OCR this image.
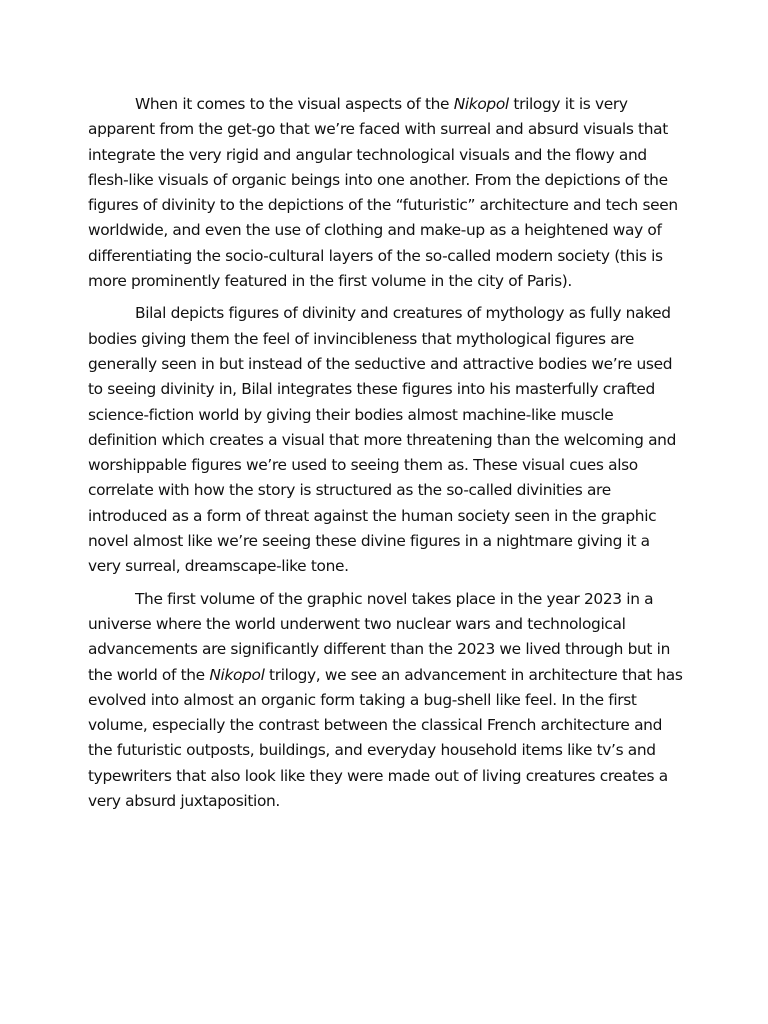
When it comes to the visual aspects of the Nikopol trilogy it is very apparent from the get-go that we’re faced with surreal and absurd visuals that integrate the very rigid and angular technological visuals and the flowy and flesh-like visuals of organic beings into one another. From the depictions of the figures of divinity to the depictions of the “futuristic” architecture and tech seen worldwide, and even the use of clothing and make-up as a heightened way of differentiating the socio-cultural layers of the so-called modern society (this is more prominently featured in the first volume in the city of Paris).

Bilal depicts figures of divinity and creatures of mythology as fully naked bodies giving them the feel of invincibleness that mythological figures are generally seen in but instead of the seductive and attractive bodies we’re used to seeing divinity in, Bilal integrates these figures into his masterfully crafted science-fiction world by giving their bodies almost machine-like muscle definition which creates a visual that more threatening than the welcoming and worshippable figures we’re used to seeing them as. These visual cues also correlate with how the story is structured as the so-called divinities are introduced as a form of threat against the human society seen in the graphic novel almost like we’re seeing these divine figures in a nightmare giving it a very surreal, dreamscape-like tone.

The first volume of the graphic novel takes place in the year 2023 in a universe where the world underwent two nuclear wars and technological advancements are significantly different than the 2023 we lived through but in the world of the Nikopol trilogy, we see an advancement in architecture that has evolved into almost an organic form taking a bug-shell like feel. In the first volume, especially the contrast between the classical French architecture and the futuristic outposts, buildings, and everyday household items like tv’s and typewriters that also look like they were made out of living creatures creates a very absurd juxtaposition.
